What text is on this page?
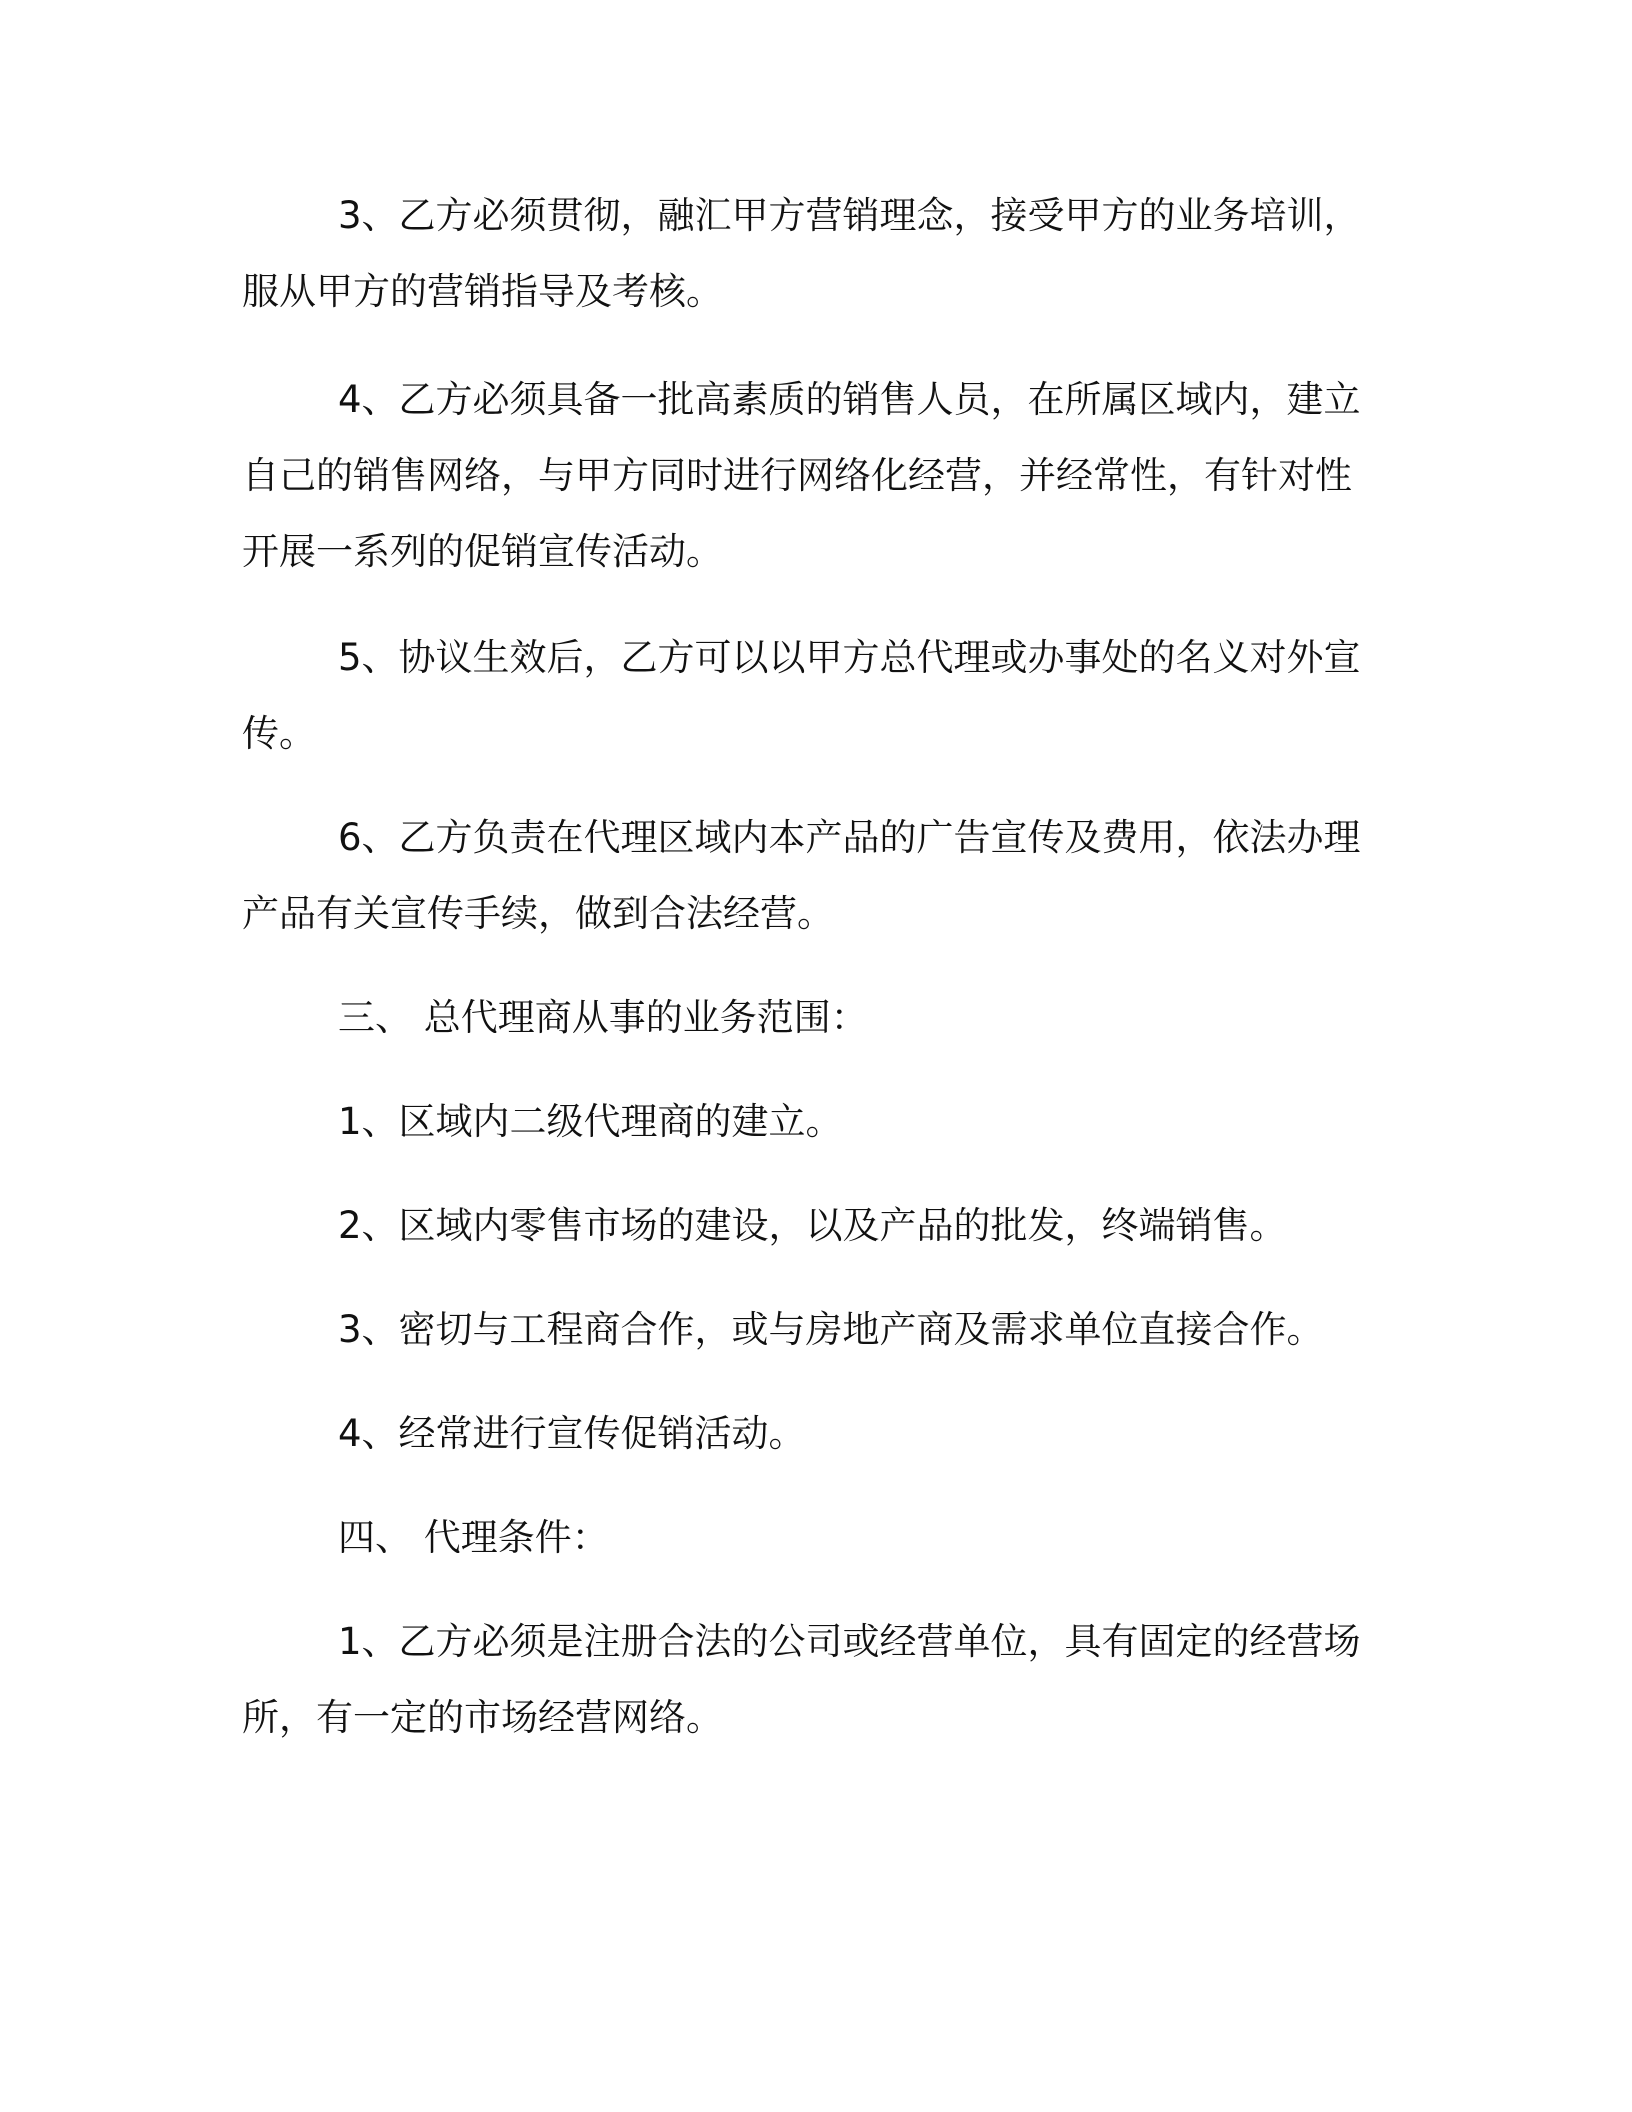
3、乙方必须贯彻，融汇甲方营销理念，接受甲方的业务培训，服从甲方的营销指导及考核。

4、乙方必须具备一批高素质的销售人员，在所属区域内，建立自己的销售网络，与甲方同时进行网络化经营，并经常性，有针对性开展一系列的促销宣传活动。

5、协议生效后，乙方可以以甲方总代理或办事处的名义对外宣传。

6、乙方负责在代理区域内本产品的广告宣传及费用，依法办理产品有关宣传手续，做到合法经营。

三、 总代理商从事的业务范围：

1、区域内二级代理商的建立。

2、区域内零售市场的建设，以及产品的批发，终端销售。

3、密切与工程商合作，或与房地产商及需求单位直接合作。

4、经常进行宣传促销活动。

四、 代理条件：

1、乙方必须是注册合法的公司或经营单位，具有固定的经营场所，有一定的市场经营网络。
